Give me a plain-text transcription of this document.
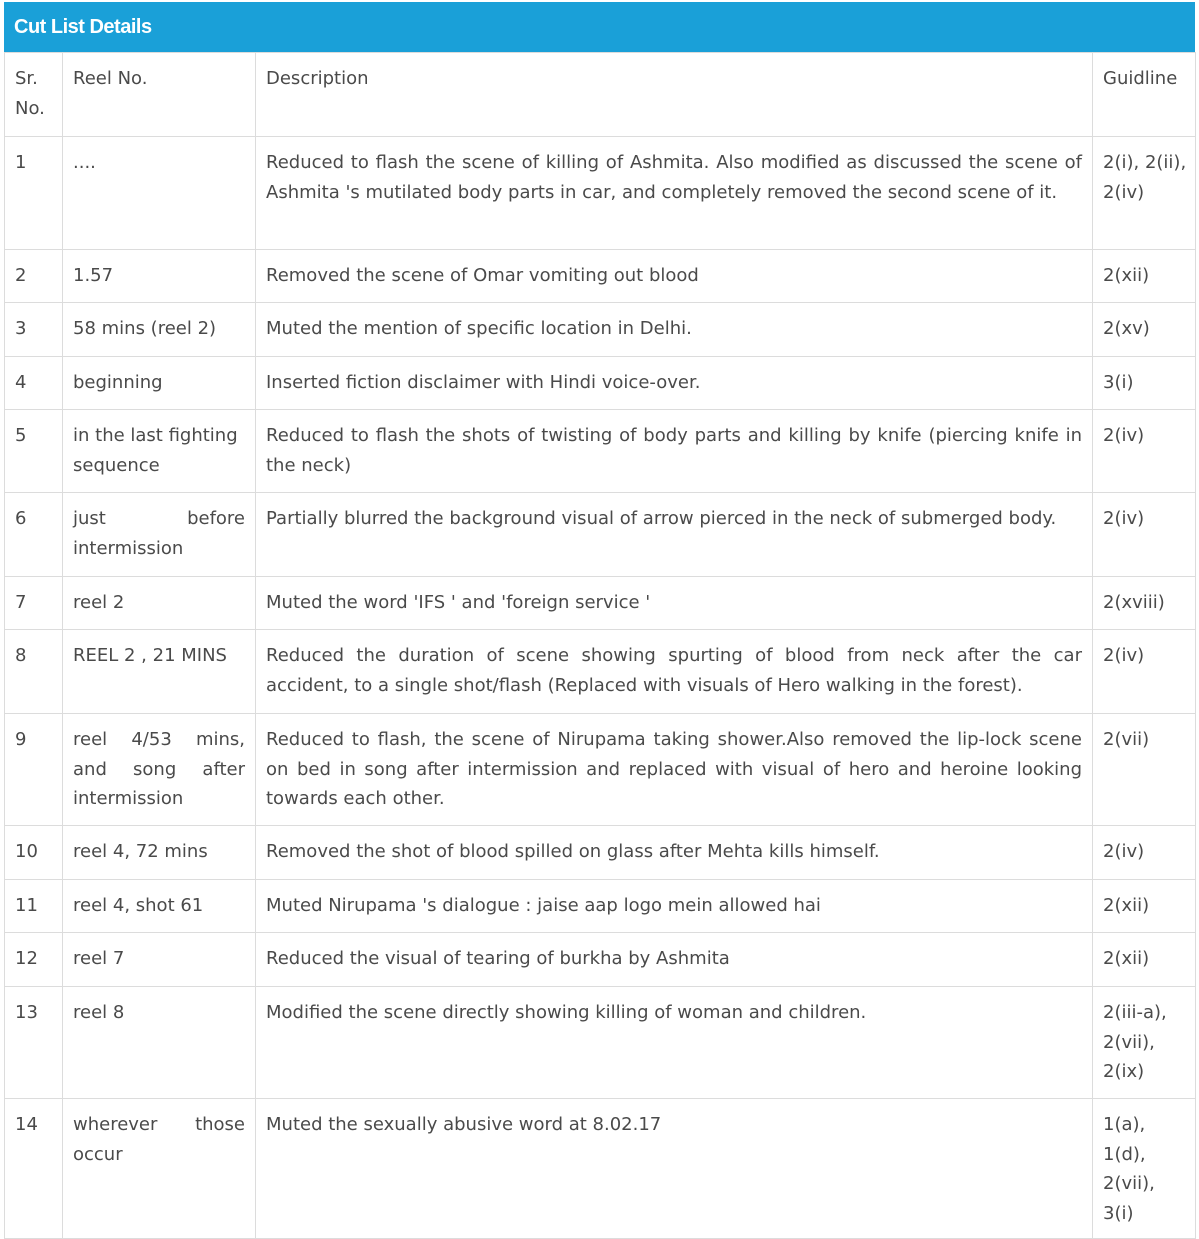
Cut List Details
Sr. No.	Reel No.	Description	Guidline
1	....	Reduced to flash the scene of killing of Ashmita. Also modified as discussed the scene of Ashmita 's mutilated body parts in car, and completely removed the second scene of it.	2(i), 2(ii), 2(iv)
2	1.57	Removed the scene of Omar vomiting out blood	2(xii)
3	58 mins (reel 2)	Muted the mention of specific location in Delhi.	2(xv)
4	beginning	Inserted fiction disclaimer with Hindi voice-over.	3(i)
5	in the last fighting sequence	Reduced to flash the shots of twisting of body parts and killing by knife (piercing knife in the neck)	2(iv)
6	just before intermission	Partially blurred the background visual of arrow pierced in the neck of submerged body.	2(iv)
7	reel 2	Muted the word 'IFS ' and 'foreign service '	2(xviii)
8	REEL 2 , 21 MINS	Reduced the duration of scene showing spurting of blood from neck after the car accident, to a single shot/flash (Replaced with visuals of Hero walking in the forest).	2(iv)
9	reel 4/53 mins, and song after intermission	Reduced to flash, the scene of Nirupama taking shower.Also removed the lip-lock scene on bed in song after intermission and replaced with visual of hero and heroine looking towards each other.	2(vii)
10	reel 4, 72 mins	Removed the shot of blood spilled on glass after Mehta kills himself.	2(iv)
11	reel 4, shot 61	Muted Nirupama 's dialogue : jaise aap logo mein allowed hai	2(xii)
12	reel 7	Reduced the visual of tearing of burkha by Ashmita	2(xii)
13	reel 8	Modified the scene directly showing killing of woman and children.	2(iii-a), 2(vii), 2(ix)
14	wherever those occur	Muted the sexually abusive word at 8.02.17	1(a), 1(d), 2(vii), 3(i)
